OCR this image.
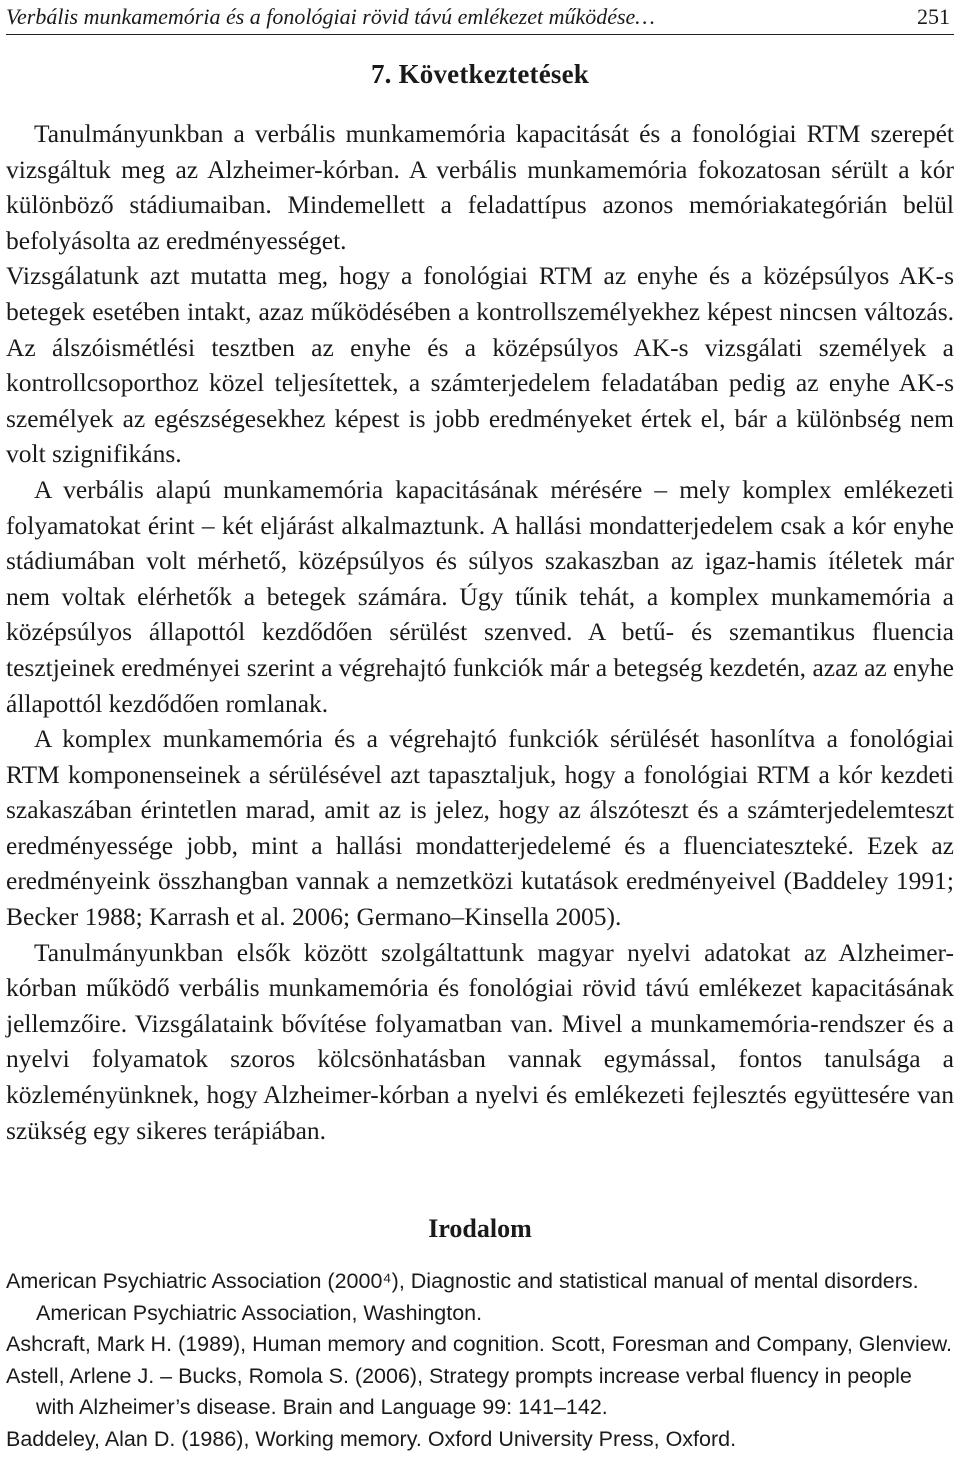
Verbális munkamemória és a fonológiai rövid távú emlékezet működése…	251
7. Következtetések

Tanulmányunkban a verbális munkamemória kapacitását és a fonológiai RTM szerepét vizsgáltuk meg az Alzheimer-kórban. A verbális munkamemória fokozatosan sérült a kór különböző stádiumaiban. Mindemellett a feladattípus azonos memóriakategórián belül befolyásolta az eredményességet.

Vizsgálatunk azt mutatta meg, hogy a fonológiai RTM az enyhe és a középsúlyos AK-s betegek esetében intakt, azaz működésében a kontrollszemélyekhez képest nincsen változás. Az álszóismétlési tesztben az enyhe és a középsúlyos AK-s vizsgálati személyek a kontrollcsoporthoz közel teljesítettek, a számterjedelem feladatában pedig az enyhe AK-s személyek az egészségesekhez képest is jobb eredményeket értek el, bár a különbség nem volt szignifikáns.

A verbális alapú munkamemória kapacitásának mérésére – mely komplex emlékezeti folyamatokat érint – két eljárást alkalmaztunk. A hallási mondatterjedelem csak a kór enyhe stádiumában volt mérhető, középsúlyos és súlyos szakaszban az igaz-hamis ítéletek már nem voltak elérhetők a betegek számára. Úgy tűnik tehát, a komplex munkamemória a középsúlyos állapottól kezdődően sérülést szenved. A betű- és szemantikus fluencia tesztjeinek eredményei szerint a végrehajtó funkciók már a betegség kezdetén, azaz az enyhe állapottól kezdődően romlanak.

A komplex munkamemória és a végrehajtó funkciók sérülését hasonlítva a fonológiai RTM komponenseinek a sérülésével azt tapasztaljuk, hogy a fonológiai RTM a kór kezdeti szakaszában érintetlen marad, amit az is jelez, hogy az álszóteszt és a számterjedelemteszt eredményessége jobb, mint a hallási mondatterjedelemé és a fluenciateszteké. Ezek az eredményeink összhangban vannak a nemzetközi kutatások eredményeivel (Baddeley 1991; Becker 1988; Karrash et al. 2006; Germano–Kinsella 2005).

Tanulmányunkban elsők között szolgáltattunk magyar nyelvi adatokat az Alzheimer-kórban működő verbális munkamemória és fonológiai rövid távú emlékezet kapacitásának jellemzőire. Vizsgálataink bővítése folyamatban van. Mivel a munkamemória-rendszer és a nyelvi folyamatok szoros kölcsönhatásban vannak egymással, fontos tanulsága a közleményünknek, hogy Alzheimer-kórban a nyelvi és emlékezeti fejlesztés együttesére van szükség egy sikeres terápiában.

Irodalom
American Psychiatric Association (2000⁴), Diagnostic and statistical manual of mental disorders. American Psychiatric Association, Washington.
Ashcraft, Mark H. (1989), Human memory and cognition. Scott, Foresman and Company, Glenview.
Astell, Arlene J. – Bucks, Romola S. (2006), Strategy prompts increase verbal fluency in people with Alzheimer’s disease. Brain and Language 99: 141–142.
Baddeley, Alan D. (1986), Working memory. Oxford University Press, Oxford.
